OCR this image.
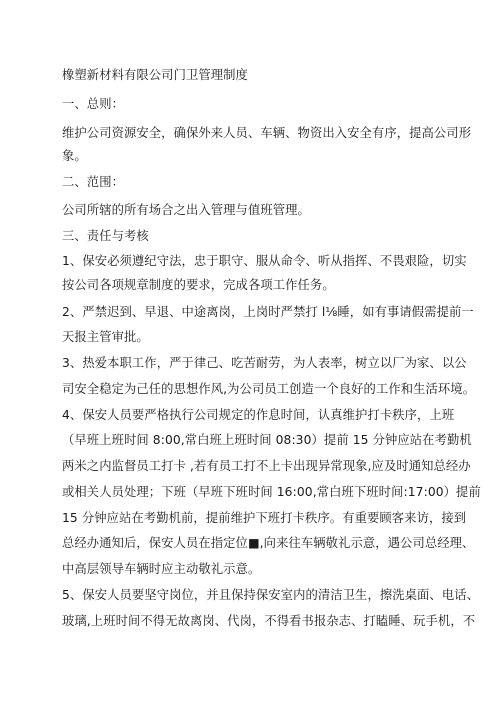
橡塑新材料有限公司门卫管理制度
一、总则：
维护公司资源安全，确保外来人员、车辆、物资出入安全有序，提高公司形
象。
二、范围：
公司所辖的所有场合之出入管理与值班管理。
三、责任与考核
1、保安必须遵纪守法，忠于职守、服从命令、听从指挥、不畏艰险，切实
按公司各项规章制度的要求，完成各项工作任务。
2、严禁迟到、早退、中途离岗，上岗时严禁打 l⅛睡，如有事请假需提前一
天报主管审批。
3、热爱本职工作，严于律己、吃苦耐劳，为人表率，树立以厂为家、以公
司安全稳定为己任的思想作风,为公司员工创造一个良好的工作和生活环境。
4、保安人员要严格执行公司规定的作息时间，认真维护打卡秩序，上班
（早班上班时间 8:00,常白班上班时间 08:30）提前 15 分钟应站在考勤机
两米之内监督员工打卡 ,若有员工打不上卡出现异常现象,应及时通知总经办
或相关人员处理；下班（早班下班时间 16:00,常白班下班时间:17:00）提前
15 分钟应站在考勤机前，提前维护下班打卡秩序。有重要顾客来访，接到
总经办通知后，保安人员在指定位■,向来往车辆敬礼示意，遇公司总经理、
中高层领导车辆时应主动敬礼示意。
5、保安人员要坚守岗位，并且保持保安室内的清洁卫生，擦洗桌面、电话、
玻璃,上班时间不得无故离岗、代岗，不得看书报杂志、打瞌睡、玩手机，不
